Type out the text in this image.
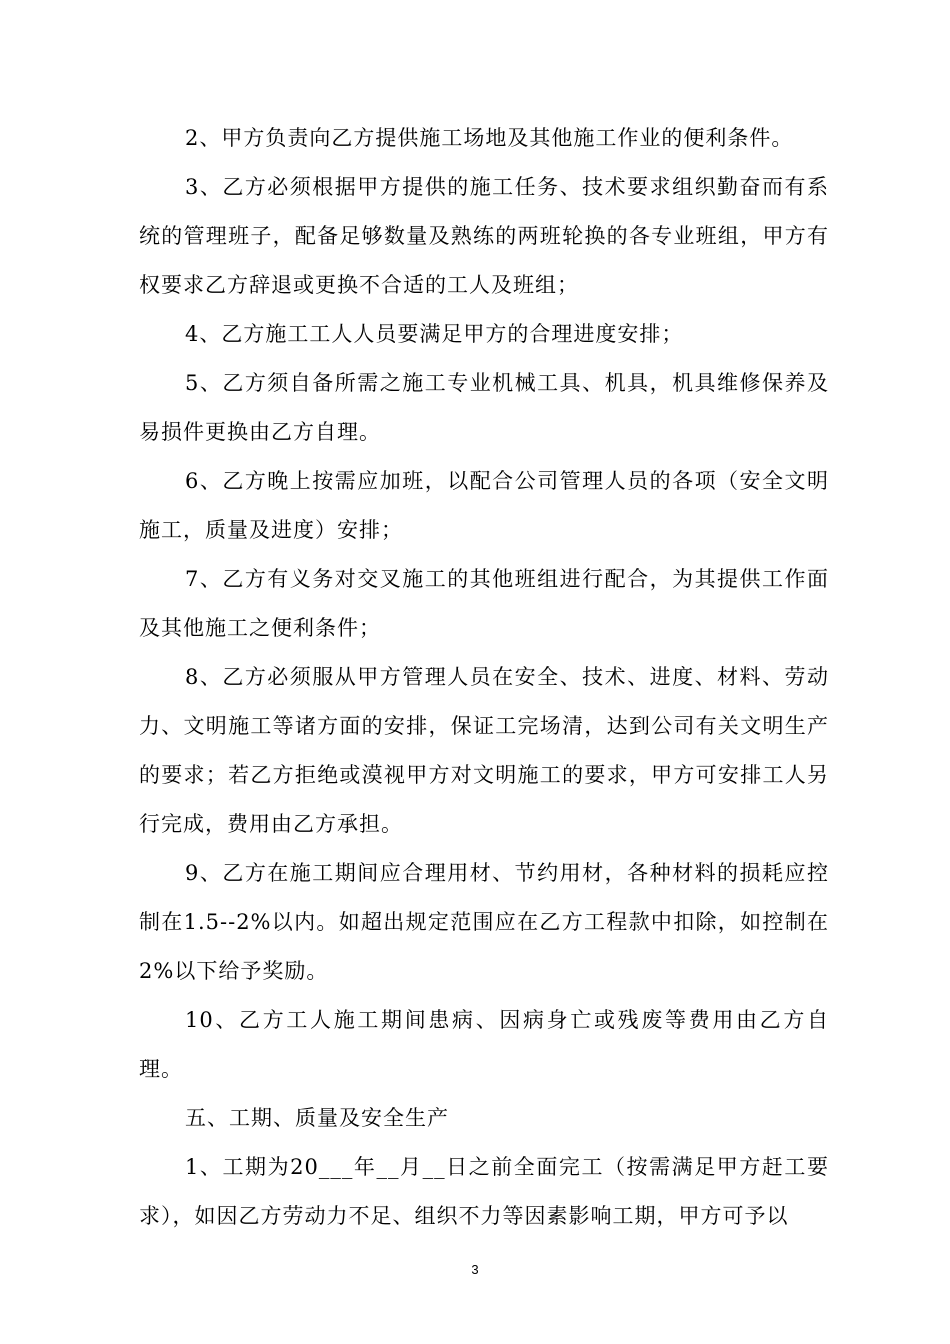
2、甲方负责向乙方提供施工场地及其他施工作业的便利条件。

3、乙方必须根据甲方提供的施工任务、技术要求组织勤奋而有系统的管理班子，配备足够数量及熟练的两班轮换的各专业班组，甲方有权要求乙方辞退或更换不合适的工人及班组；

4、乙方施工工人人员要满足甲方的合理进度安排；

5、乙方须自备所需之施工专业机械工具、机具，机具维修保养及易损件更换由乙方自理。

6、乙方晚上按需应加班，以配合公司管理人员的各项（安全文明施工，质量及进度）安排；

7、乙方有义务对交叉施工的其他班组进行配合，为其提供工作面及其他施工之便利条件；

8、乙方必须服从甲方管理人员在安全、技术、进度、材料、劳动力、文明施工等诸方面的安排，保证工完场清，达到公司有关文明生产的要求；若乙方拒绝或漠视甲方对文明施工的要求，甲方可安排工人另行完成，费用由乙方承担。

9、乙方在施工期间应合理用材、节约用材，各种材料的损耗应控制在1.5--2%以内。如超出规定范围应在乙方工程款中扣除，如控制在2%以下给予奖励。

10、乙方工人施工期间患病、因病身亡或残废等费用由乙方自理。

五、工期、质量及安全生产

1、工期为20___年__月__日之前全面完工（按需满足甲方赶工要求），如因乙方劳动力不足、组织不力等因素影响工期，甲方可予以

3
